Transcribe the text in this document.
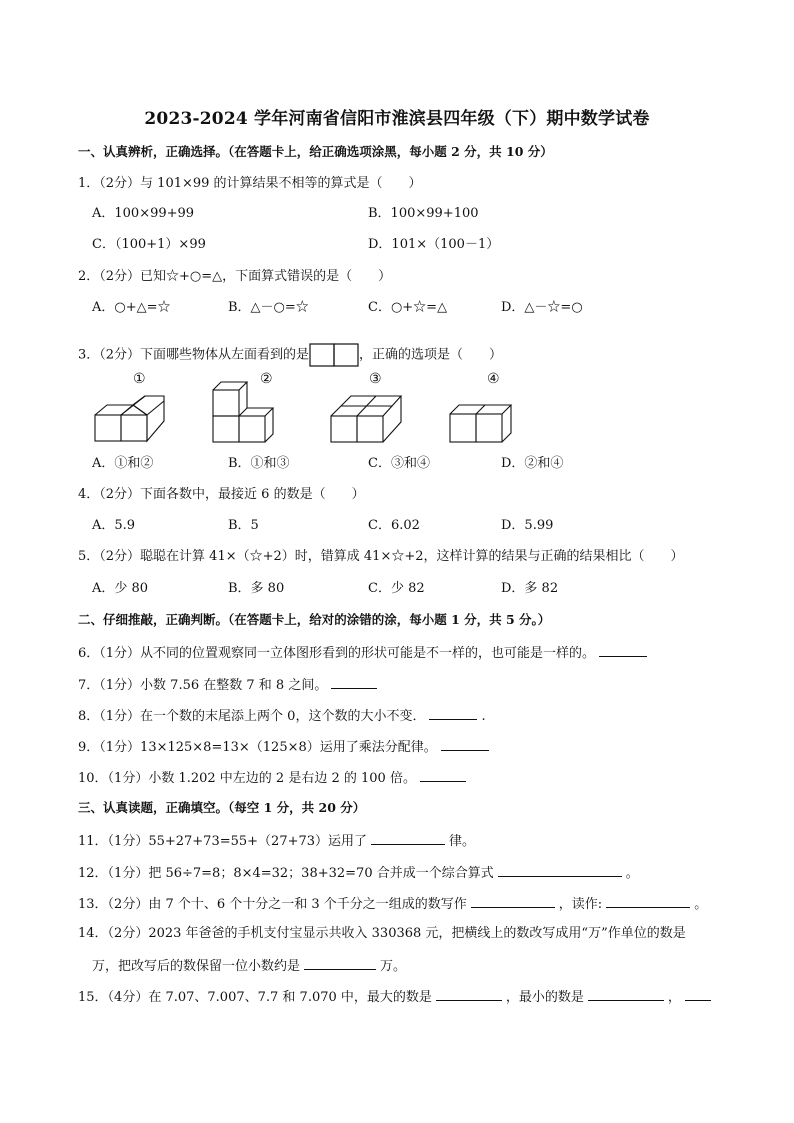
2023-2024 学年河南省信阳市淮滨县四年级（下）期中数学试卷
一、认真辨析，正确选择。（在答题卡上，给正确选项涂黑，每小题 2 分，共 10 分）
1．（2分）与 101×99 的计算结果不相等的算式是（　　）
A．100×99+99	B．100×99+100
C．（100+1）×99	D．101×（100－1）
2．（2分）已知☆+○=△，下面算式错误的是（　　）
A．○+△=☆	B．△－○=☆	C．○+☆=△	D．△－☆=○
3．（2分）下面哪些物体从左面看到的是	，正确的选项是（　　）
①	②	③	④
A．①和②	B．①和③	C．③和④	D．②和④
4．（2分）下面各数中，最接近 6 的数是（　　）
A．5.9	B．5	C．6.02	D．5.99
5．（2分）聪聪在计算 41×（☆+2）时，错算成 41×☆+2，这样计算的结果与正确的结果相比（　　）
A．少 80	B．多 80	C．少 82	D．多 82
二、仔细推敲，正确判断。（在答题卡上，给对的涂错的涂，每小题 1 分，共 5 分。）
6．（1分）从不同的位置观察同一立体图形看到的形状可能是不一样的，也可能是一样的。
7．（1分）小数 7.56 在整数 7 和 8 之间。
8．（1分）在一个数的末尾添上两个 0，这个数的大小不变．	.
9．（1分）13×125×8=13×（125×8）运用了乘法分配律。
10．（1分）小数 1.202 中左边的 2 是右边 2 的 100 倍。
三、认真读题，正确填空。（每空 1 分，共 20 分）
11．（1分）55+27+73=55+（27+73）运用了	律。
12．（1分）把 56÷7=8；8×4=32；38+32=70 合并成一个综合算式	。
13．（2分）由 7 个十、6 个十分之一和 3 个千分之一组成的数写作	，读作:	。
14．（2分）2023 年爸爸的手机支付宝显示共收入 330368 元，把横线上的数改写成用“万”作单位的数是
万，把改写后的数保留一位小数约是	万。
15．（4分）在 7.07、7.007、7.7 和 7.070 中，最大的数是	，最小的数是	，
